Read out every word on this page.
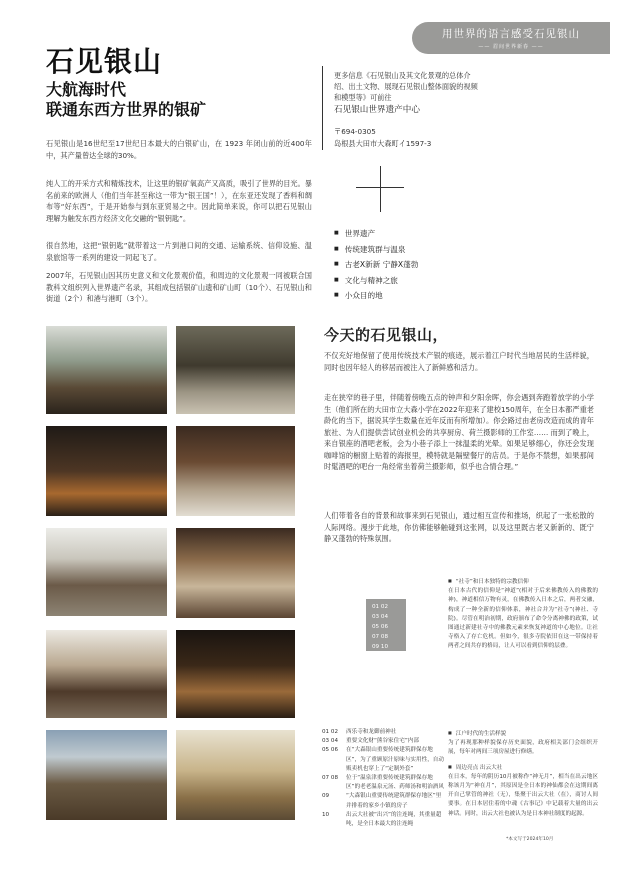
用世界的语言感受石见银山
—— 眉间世界新春 ——
石见银山
大航海时代
联通东西方世界的银矿

石见银山是16世纪至17世纪日本最大的白银矿山，在 1923 年闭山前的近400年中，其产量曾达全球的30%。

纯人工的开采方式和精炼技术，让这里的银矿氧高产又高质，吸引了世界的目光。暴名前来的欧洲人（他们当年甚至称这一带为“银王国”！），在东亚还发现了香料和绸布等“好东西”，于是开始参与到东亚贸易之中。因此简单来说，你可以把石见银山理解为触发东西方经济文化交融的“银钥匙”。

很自然地，这把“银钥匙”就带着这一片到港口间的交通、运输系统、信仰设施、温泉旅馆等一系列的建设一同起飞了。

2007年，石见银山因其历史意义和文化景观价值，和周边的文化景观一同被联合国教科文组织列入世界遗产名录，其组成包括银矿山遗和矿山町（10个）、石见银山和街道（2个）和港与港町（3个）。

更多信息《石见银山及其文化景观的总体介
绍、出土文物、展现石见银山整体面貌的视频
和模型等》可前往
石见银山世界遗产中心
〒694-0305
岛根县大田市大森町イ1597-3
■ 世界遗产
■ 传统建筑群与温泉
■ 古老X新新 宁静X蓬勃
■ 文化与精神之旅
■ 小众目的地
今天的石见银山，

不仅充好地保留了使用传统技术产银的痕迹，展示着江户时代当地居民的生活样貌，同时也因年轻人的移居而被注入了新鲜感和活力。

走在狭窄的巷子里，伴随着傍晚五点的钟声和夕阳余晖，你会遇到奔跑着放学的小学生（他们所在的大田市立大森小学在2022年迎来了建校150周年，在全日本都严重老龄化的当下，据说其学生数量在近年反而有所增加）。你会路过由老房改造而成的青年旅社、为人们提供尝试创业机会的共享厨房、荷兰摄影师的工作室…… 而到了晚上，来自银座的酒吧老板，会为小巷子添上一抹温柔的光晕。如果足够细心，你还会发现咖啡馆的橱窗上贴着的海报里，模特就是隔壁餐厅的店员。于是你不禁想，如果那间时髦酒吧的吧台一角经常坐着荷兰摄影师，似乎也合情合理。”

人们带着各自的背景和故事来到石见银山，通过相互宣传和推场，织起了一张松散的人际网络。漫步于此地，你仿佛能够触碰到这张网，以及这里既古老又新新的、既宁静又蓬勃的特殊氛围。

01 02
03 04
05 06
07 08
09 10
■ “社寺”和日本独特的宗教信仰
在日本古代的信仰是“神道”(相对于后来佛教传入的佛教的神)，神道相信万物有灵，在佛教传入日本之后，两者交融，构成了一种全新的信仰体系，神社合并为“社寺”(神社、寺院)。尽管在明治初期，政府颁布了命令分离神佛的政策，试图通过新建社寺中的佛教元素来恢复神道的中心地位。让社寺格入了存亡危机。但如今，很多寺院依旧在这一带保持着两者之间共存的格局，让人可以看到信仰的层叠。
■ 江户时代的生活样貌
为了再现那种样貌保存历史面貌，政府相关部门会组织开展，每年对两间三项房屋进行修缮。
■ 周边亮点 出云大社
在日本，每年的阴历10月被称作“神无月”，相当在出云地区称该月为“神在月”，其原因是全日本的神仙都会在这期间离开自己掌管的神社（无），集聚于出云大社（在），商讨人间要事。在日本居住着的中魂《古事记》中记载着大量的出云神话。同时，出云大社也被认为是日本神社制度的起源。
01 02	西乐寺和龙御前神社
03 04	重要文化财“熊谷家住宅”内部
05 06	在“大森银山重要传统建筑群保存地区”，为了重顾原汁原味与实用性，自动贩卖机也穿上了“定制外套”
07 08	位于“温泉津重要传统建筑群保存地区”的老老温泉元汤、药师汤和明治酒风
09	“大森银山重要传统建筑群保存地区”里并排着的家乡小镇的房子
10	出云大社被“出兴”的注连绳，其重量超吨，是全日本最大的注连绳
*本文写于2024年10月
